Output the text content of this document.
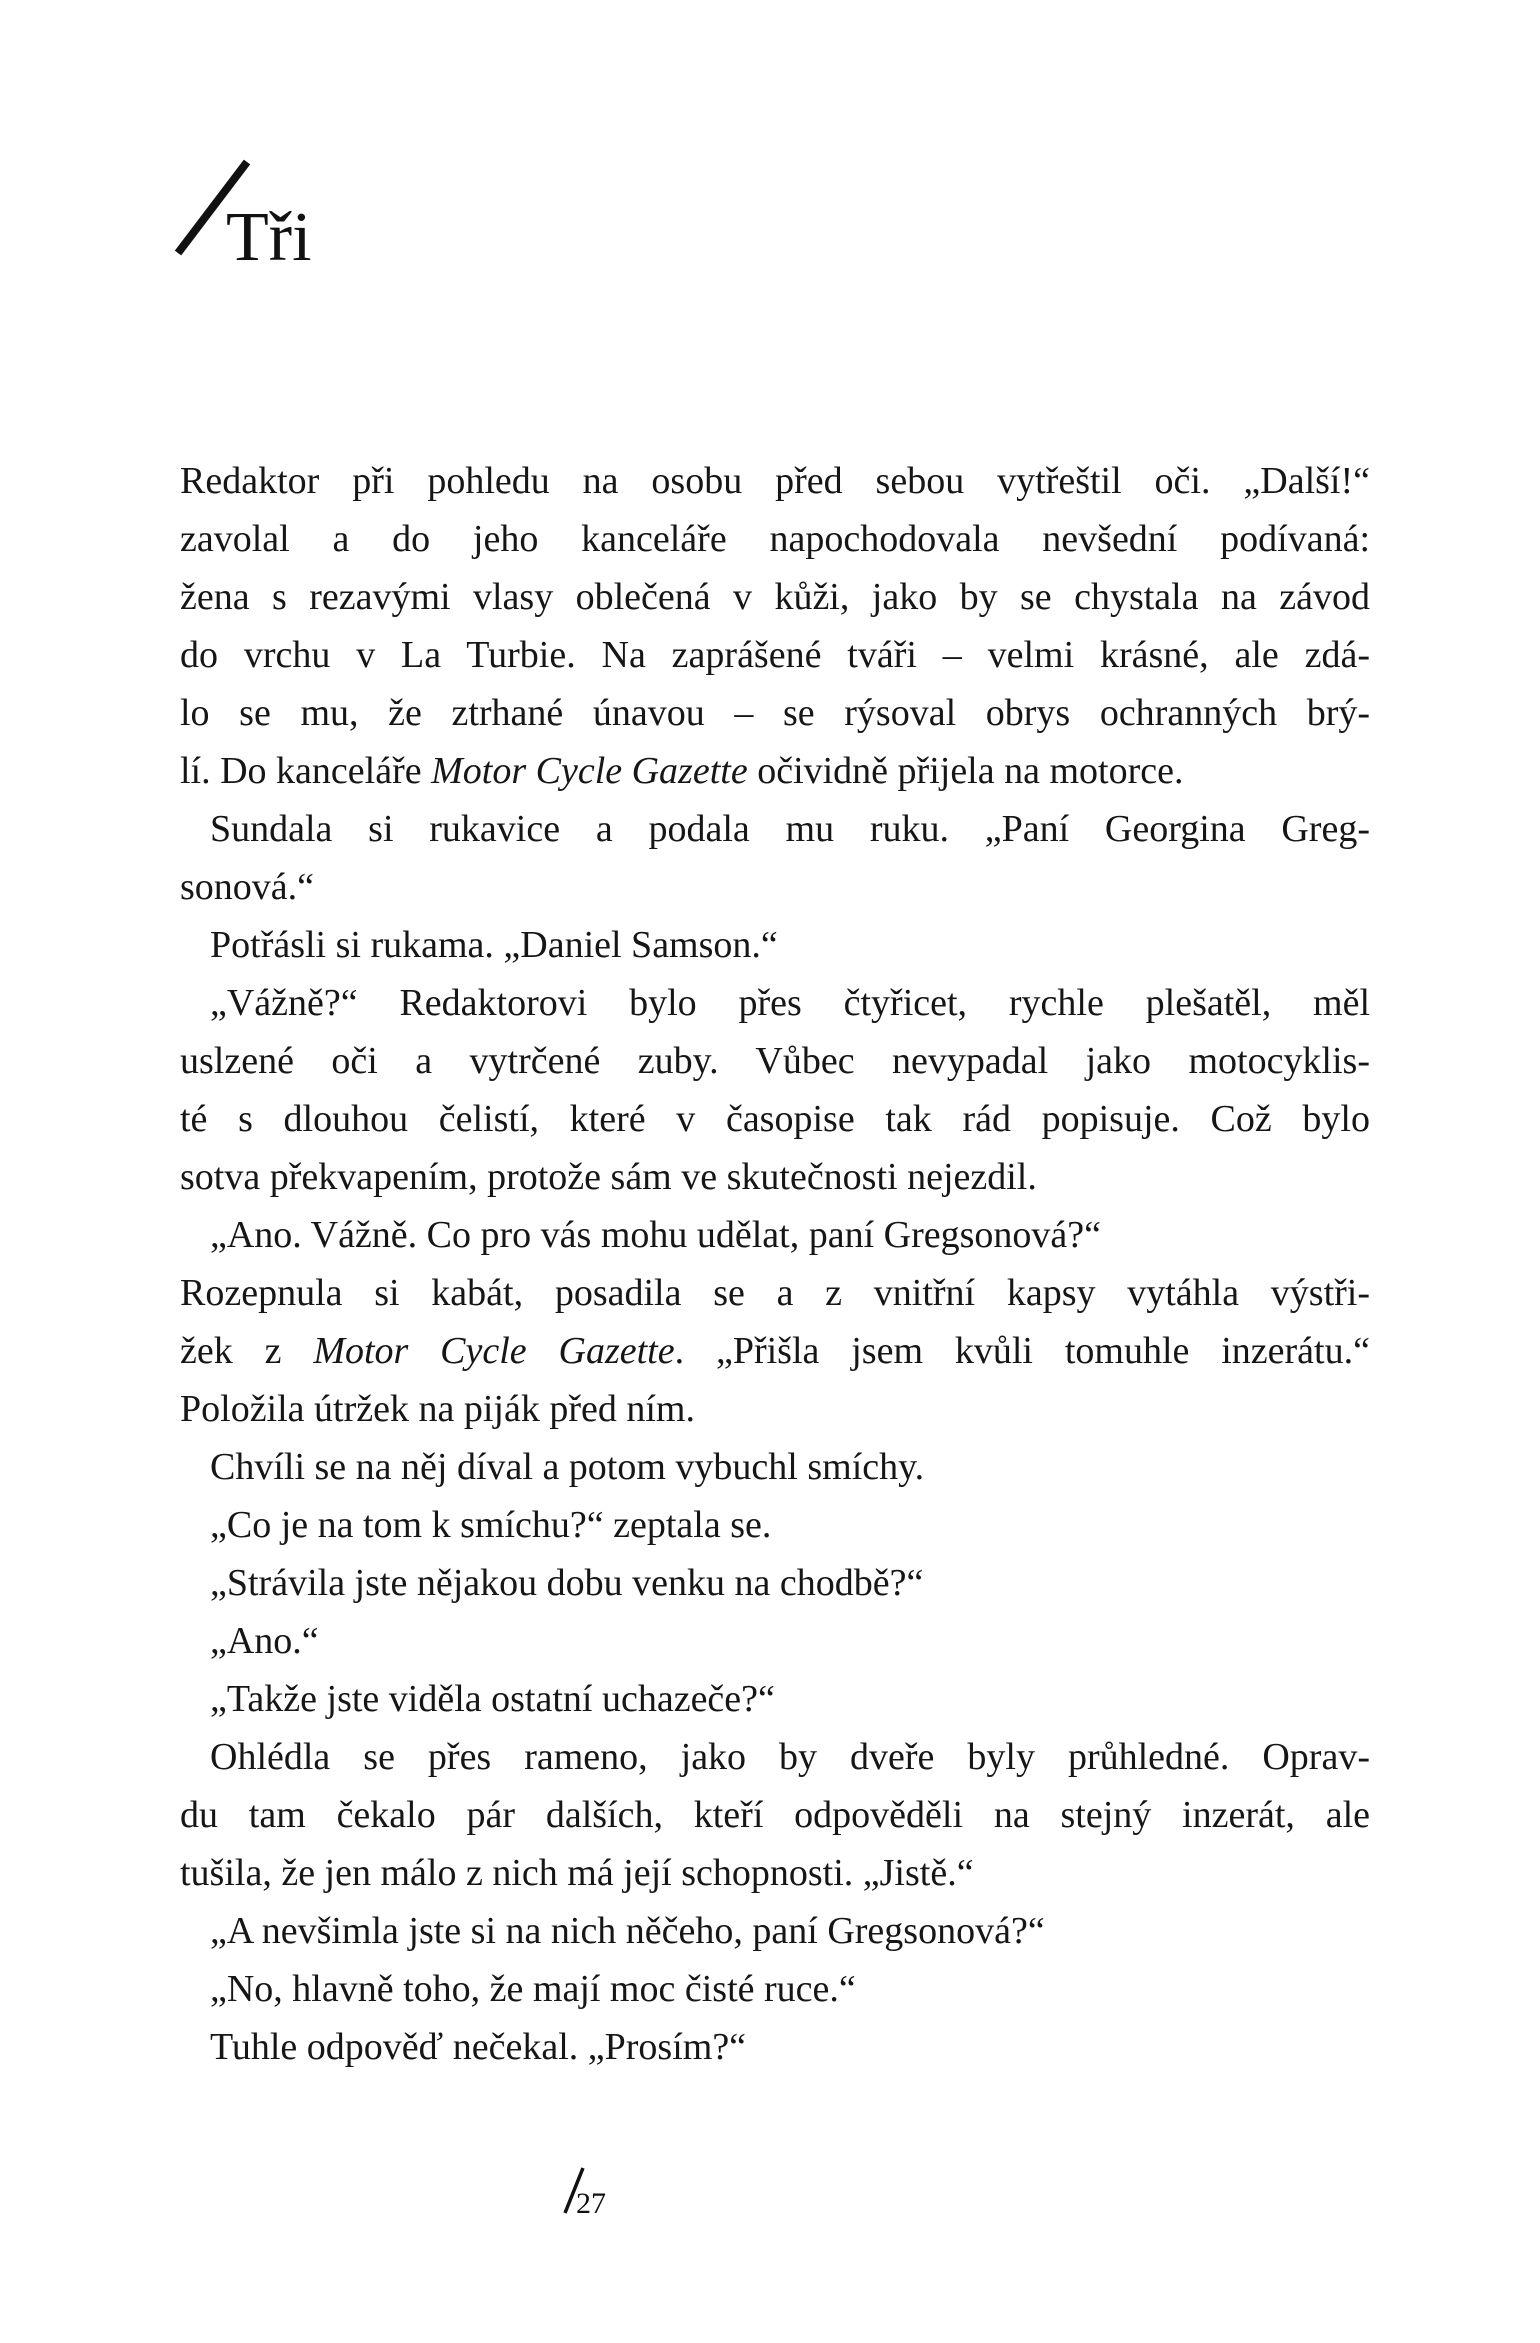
Tři
Redaktor při pohledu na osobu před sebou vytřeštil oči. „Další!“
zavolal a do jeho kanceláře napochodovala nevšední podívaná:
žena s rezavými vlasy oblečená v kůži, jako by se chystala na závod
do vrchu v La Turbie. Na zaprášené tváři – velmi krásné, ale zdá-
lo se mu, že ztrhané únavou – se rýsoval obrys ochranných brý-
lí. Do kanceláře Motor Cycle Gazette očividně přijela na motorce.
Sundala si rukavice a podala mu ruku. „Paní Georgina Greg-
sonová.“
Potřásli si rukama. „Daniel Samson.“
„Vážně?“ Redaktorovi bylo přes čtyřicet, rychle plešatěl, měl
uslzené oči a vytrčené zuby. Vůbec nevypadal jako motocyklis-
té s dlouhou čelistí, které v časopise tak rád popisuje. Což bylo
sotva překvapením, protože sám ve skutečnosti nejezdil.
„Ano. Vážně. Co pro vás mohu udělat, paní Gregsonová?“
Rozepnula si kabát, posadila se a z vnitřní kapsy vytáhla výstři-
žek z Motor Cycle Gazette. „Přišla jsem kvůli tomuhle inzerátu.“
Položila útržek na piják před ním.
Chvíli se na něj díval a potom vybuchl smíchy.
„Co je na tom k smíchu?“ zeptala se.
„Strávila jste nějakou dobu venku na chodbě?“
„Ano.“
„Takže jste viděla ostatní uchazeče?“
Ohlédla se přes rameno, jako by dveře byly průhledné. Oprav-
du tam čekalo pár dalších, kteří odpověděli na stejný inzerát, ale
tušila, že jen málo z nich má její schopnosti. „Jistě.“
„A nevšimla jste si na nich něčeho, paní Gregsonová?“
„No, hlavně toho, že mají moc čisté ruce.“
Tuhle odpověď nečekal. „Prosím?“
27
